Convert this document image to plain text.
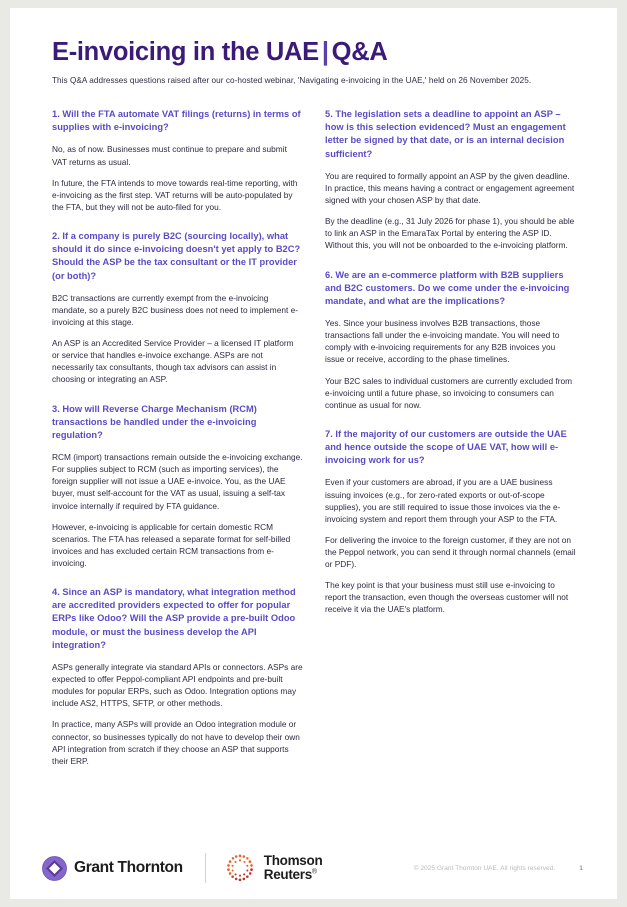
E-invoicing in the UAE | Q&A

This Q&A addresses questions raised after our co-hosted webinar, 'Navigating e-invoicing in the UAE,' held on 26 November 2025.

1. Will the FTA automate VAT filings (returns) in terms of supplies with e-invoicing?

No, as of now. Businesses must continue to prepare and submit VAT returns as usual.

In future, the FTA intends to move towards real-time reporting, with e-invoicing as the first step. VAT returns will be auto-populated by the FTA, but they will not be auto-filed for you.

2. If a company is purely B2C (sourcing locally), what should it do since e-invoicing doesn't yet apply to B2C? Should the ASP be the tax consultant or the IT provider (or both)?

B2C transactions are currently exempt from the e-invoicing mandate, so a purely B2C business does not need to implement e-invoicing at this stage.

An ASP is an Accredited Service Provider – a licensed IT platform or service that handles e-invoice exchange. ASPs are not necessarily tax consultants, though tax advisors can assist in choosing or integrating an ASP.

3. How will Reverse Charge Mechanism (RCM) transactions be handled under the e-invoicing regulation?

RCM (import) transactions remain outside the e-invoicing exchange. For supplies subject to RCM (such as importing services), the foreign supplier will not issue a UAE e-invoice. You, as the UAE buyer, must self-account for the VAT as usual, issuing a self-tax invoice internally if required by FTA guidance.

However, e-invoicing is applicable for certain domestic RCM scenarios. The FTA has released a separate format for self-billed invoices and has excluded certain RCM transactions from e-invoicing.

4. Since an ASP is mandatory, what integration method are accredited providers expected to offer for popular ERPs like Odoo? Will the ASP provide a pre-built Odoo module, or must the business develop the API integration?

ASPs generally integrate via standard APIs or connectors. ASPs are expected to offer Peppol-compliant API endpoints and pre-built modules for popular ERPs, such as Odoo. Integration options may include AS2, HTTPS, SFTP, or other methods.

In practice, many ASPs will provide an Odoo integration module or connector, so businesses typically do not have to develop their own API integration from scratch if they choose an ASP that supports their ERP.

5. The legislation sets a deadline to appoint an ASP – how is this selection evidenced? Must an engagement letter be signed by that date, or is an internal decision sufficient?

You are required to formally appoint an ASP by the given deadline. In practice, this means having a contract or engagement agreement signed with your chosen ASP by that date.

By the deadline (e.g., 31 July 2026 for phase 1), you should be able to link an ASP in the EmaraTax Portal by entering the ASP ID. Without this, you will not be onboarded to the e-invoicing platform.

6. We are an e-commerce platform with B2B suppliers and B2C customers. Do we come under the e-invoicing mandate, and what are the implications?

Yes. Since your business involves B2B transactions, those transactions fall under the e-invoicing mandate. You will need to comply with e-invoicing requirements for any B2B invoices you issue or receive, according to the phase timelines.

Your B2C sales to individual customers are currently excluded from e-invoicing until a future phase, so invoicing to consumers can continue as usual for now.

7. If the majority of our customers are outside the UAE and hence outside the scope of UAE VAT, how will e-invoicing work for us?

Even if your customers are abroad, if you are a UAE business issuing invoices (e.g., for zero-rated exports or out-of-scope supplies), you are still required to issue those invoices via the e-invoicing system and report them through your ASP to the FTA.

For delivering the invoice to the foreign customer, if they are not on the Peppol network, you can send it through normal channels (email or PDF).

The key point is that your business must still use e-invoicing to report the transaction, even though the overseas customer will not receive it via the UAE's platform.

Grant Thornton	Thomson
Reuters®
© 2025 Grant Thornton UAE. All rights reserved.	1
